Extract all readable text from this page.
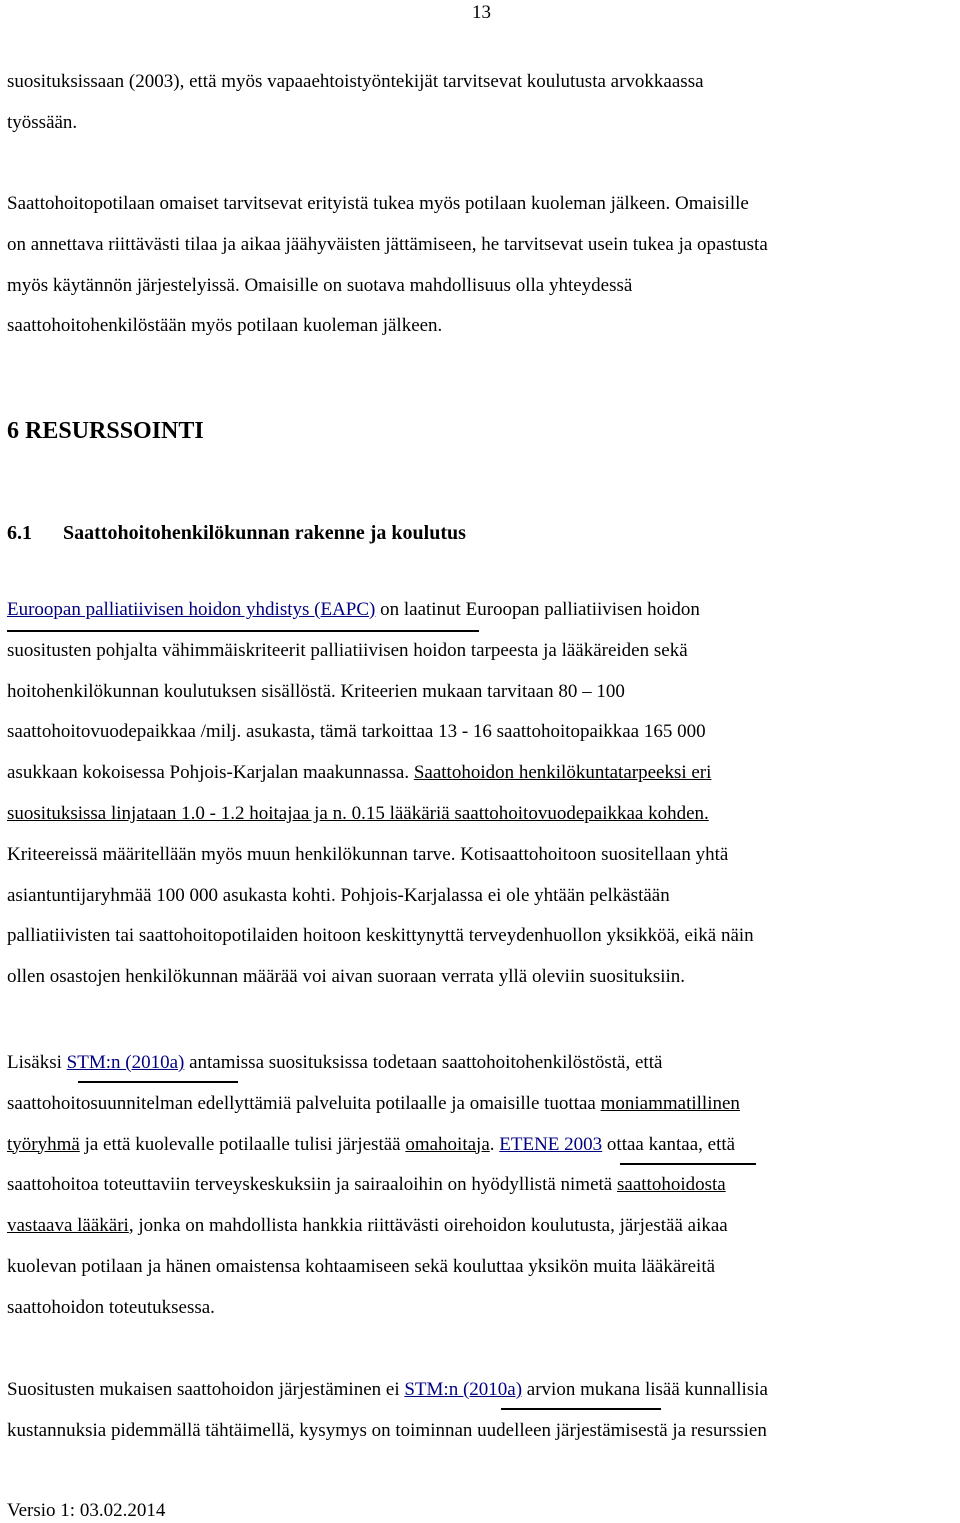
13
suosituksissaan (2003), että myös vapaaehtoistyöntekijät tarvitsevat koulutusta arvokkaassa
työssään.
Saattohoitopotilaan omaiset tarvitsevat erityistä tukea myös potilaan kuoleman jälkeen. Omaisille
on annettava riittävästi tilaa ja aikaa jäähyväisten jättämiseen, he tarvitsevat usein tukea ja opastusta
myös käytännön järjestelyissä. Omaisille on suotava mahdollisuus olla yhteydessä
saattohoitohenkilöstään myös potilaan kuoleman jälkeen.
6 RESURSSOINTI
6.1 Saattohoitohenkilökunnan rakenne ja koulutus
Euroopan palliatiivisen hoidon yhdistys (EAPC) on laatinut Euroopan palliatiivisen hoidon
suositusten pohjalta vähimmäiskriteerit palliatiivisen hoidon tarpeesta ja lääkäreiden sekä
hoitohenkilökunnan koulutuksen sisällöstä. Kriteerien mukaan tarvitaan 80 – 100
saattohoitovuodepaikkaa /milj. asukasta, tämä tarkoittaa 13 - 16 saattohoitopaikkaa 165 000
asukkaan kokoisessa Pohjois-Karjalan maakunnassa. Saattohoidon henkilökuntatarpeeksi eri
suosituksissa linjataan 1.0 - 1.2 hoitajaa ja n. 0.15 lääkäriä saattohoitovuodepaikkaa kohden.
Kriteereissä määritellään myös muun henkilökunnan tarve. Kotisaattohoitoon suositellaan yhtä
asiantuntijaryhmää 100 000 asukasta kohti. Pohjois-Karjalassa ei ole yhtään pelkästään
palliatiivisten tai saattohoitopotilaiden hoitoon keskittynyttä terveydenhuollon yksikköä, eikä näin
ollen osastojen henkilökunnan määrää voi aivan suoraan verrata yllä oleviin suosituksiin.
Lisäksi STM:n (2010a) antamissa suosituksissa todetaan saattohoitohenkilöstöstä, että
saattohoitosuunnitelman edellyttämiä palveluita potilaalle ja omaisille tuottaa moniammatillinen
työryhmä ja että kuolevalle potilaalle tulisi järjestää omahoitaja. ETENE 2003 ottaa kantaa, että
saattohoitoa toteuttaviin terveyskeskuksiin ja sairaaloihin on hyödyllistä nimetä saattohoidosta
vastaava lääkäri, jonka on mahdollista hankkia riittävästi oirehoidon koulutusta, järjestää aikaa
kuolevan potilaan ja hänen omaistensa kohtaamiseen sekä kouluttaa yksikön muita lääkäreitä
saattohoidon toteutuksessa.
Suositusten mukaisen saattohoidon järjestäminen ei STM:n (2010a) arvion mukana lisää kunnallisia
kustannuksia pidemmällä tähtäimellä, kysymys on toiminnan uudelleen järjestämisestä ja resurssien
Versio 1: 03.02.2014
